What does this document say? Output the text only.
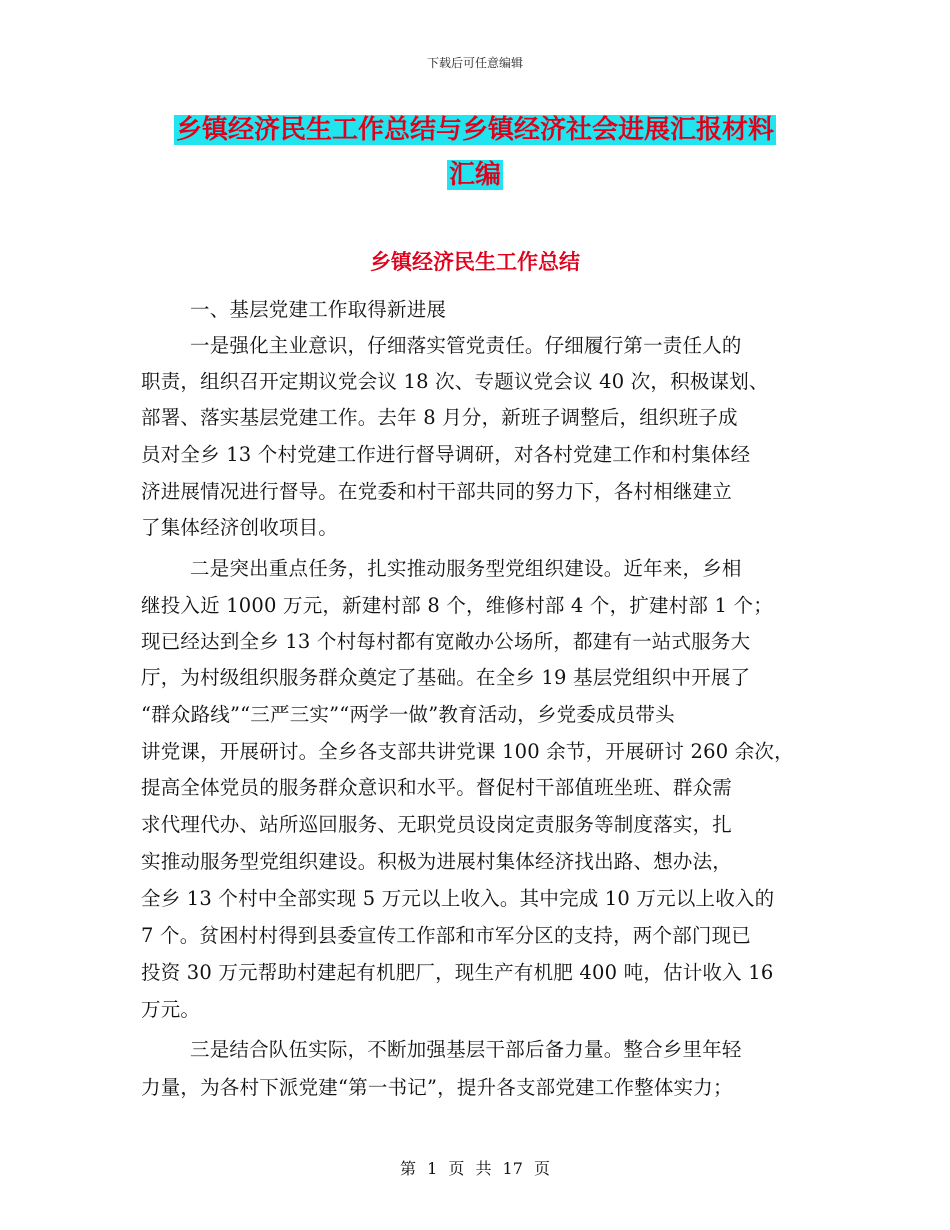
下载后可任意编辑
乡镇经济民生工作总结与乡镇经济社会进展汇报材料
汇编
乡镇经济民生工作总结
一、基层党建工作取得新进展
一是强化主业意识，仔细落实管党责任。仔细履行第一责任人的
职责，组织召开定期议党会议 18 次、专题议党会议 40 次，积极谋划、
部署、落实基层党建工作。去年 8 月分，新班子调整后，组织班子成
员对全乡 13 个村党建工作进行督导调研，对各村党建工作和村集体经
济进展情况进行督导。在党委和村干部共同的努力下，各村相继建立
了集体经济创收项目。
二是突出重点任务，扎实推动服务型党组织建设。近年来，乡相
继投入近 1000 万元，新建村部 8 个，维修村部 4 个，扩建村部 1 个；
现已经达到全乡 13 个村每村都有宽敞办公场所，都建有一站式服务大
厅，为村级组织服务群众奠定了基础。在全乡 19 基层党组织中开展了
“群众路线”“三严三实”“两学一做”教育活动，乡党委成员带头
讲党课，开展研讨。全乡各支部共讲党课 100 余节，开展研讨 260 余次，
提高全体党员的服务群众意识和水平。督促村干部值班坐班、群众需
求代理代办、站所巡回服务、无职党员设岗定责服务等制度落实，扎
实推动服务型党组织建设。积极为进展村集体经济找出路、想办法，
全乡 13 个村中全部实现 5 万元以上收入。其中完成 10 万元以上收入的
7 个。贫困村村得到县委宣传工作部和市军分区的支持，两个部门现已
投资 30 万元帮助村建起有机肥厂，现生产有机肥 400 吨，估计收入 16
万元。
三是结合队伍实际，不断加强基层干部后备力量。整合乡里年轻
力量，为各村下派党建“第一书记”，提升各支部党建工作整体实力；
第 1 页 共 17 页
